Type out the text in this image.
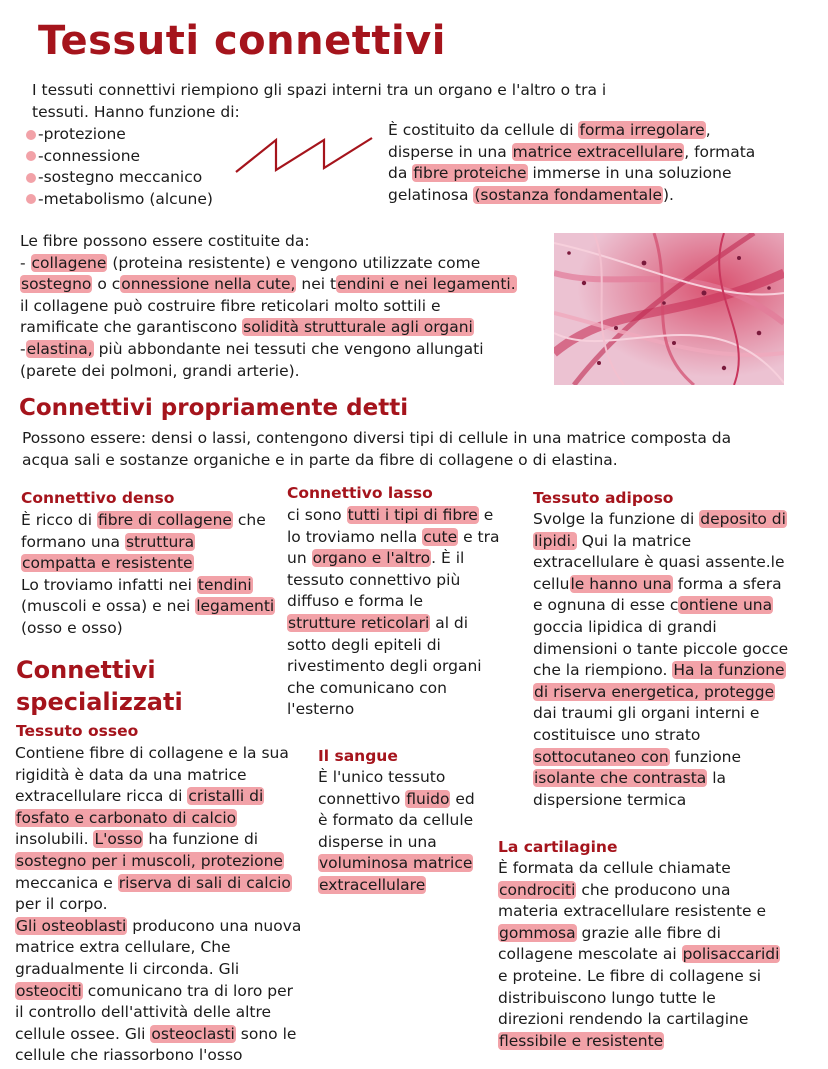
Tessuti connettivi
I tessuti connettivi riempiono gli spazi interni tra un organo e l'altro o tra i
tessuti. Hanno funzione di:
-protezione
-connessione
-sostegno meccanico
-metabolismo (alcune)
È costituito da cellule di forma irregolare,
disperse in una matrice extracellulare, formata
da fibre proteiche immerse in una soluzione
gelatinosa (sostanza fondamentale).
Le fibre possono essere costituite da:
- collagene (proteina resistente) e vengono utilizzate come
sostegno o connessione nella cute, nei tendini e nei legamenti.
il collagene può costruire fibre reticolari molto sottili e
ramificate che garantiscono solidità strutturale agli organi
-elastina, più abbondante nei tessuti che vengono allungati
(parete dei polmoni, grandi arterie).
Connettivi propriamente detti
Possono essere: densi o lassi, contengono diversi tipi di cellule in una matrice composta da
acqua sali e sostanze organiche e in parte da fibre di collagene o di elastina.
Connettivo denso
È ricco di fibre di collagene che
formano una struttura
compatta e resistente
Lo troviamo infatti nei tendini
(muscoli e ossa) e nei legamenti
(osso e osso)
Connettivo lasso
ci sono tutti i tipi di fibre e
lo troviamo nella cute e tra
un organo e l'altro. È il
tessuto connettivo più
diffuso e forma le
strutture reticolari al di
sotto degli epiteli di
rivestimento degli organi
che comunicano con
l'esterno
Tessuto adiposo
Svolge la funzione di deposito di
lipidi. Qui la matrice
extracellulare è quasi assente.le
cellule hanno una forma a sfera
e ognuna di esse contiene una
goccia lipidica di grandi
dimensioni o tante piccole gocce
che la riempiono. Ha la funzione
di riserva energetica, protegge
dai traumi gli organi interni e
costituisce uno strato
sottocutaneo con funzione
isolante che contrasta la
dispersione termica
Connettivi
specializzati
Tessuto osseo
Contiene fibre di collagene e la sua
rigidità è data da una matrice
extracellulare ricca di cristalli di
fosfato e carbonato di calcio
insolubili. L'osso ha funzione di
sostegno per i muscoli, protezione
meccanica e riserva di sali di calcio
per il corpo.
Gli osteoblasti producono una nuova
matrice extra cellulare, Che
gradualmente li circonda. Gli
osteociti comunicano tra di loro per
il controllo dell'attività delle altre
cellule ossee. Gli osteoclasti sono le
cellule che riassorbono l'osso
Il sangue
È l'unico tessuto
connettivo fluido ed
è formato da cellule
disperse in una
voluminosa matrice
extracellulare
La cartilagine
È formata da cellule chiamate
condrociti che producono una
materia extracellulare resistente e
gommosa grazie alle fibre di
collagene mescolate ai polisaccaridi
e proteine. Le fibre di collagene si
distribuiscono lungo tutte le
direzioni rendendo la cartilagine
flessibile e resistente
